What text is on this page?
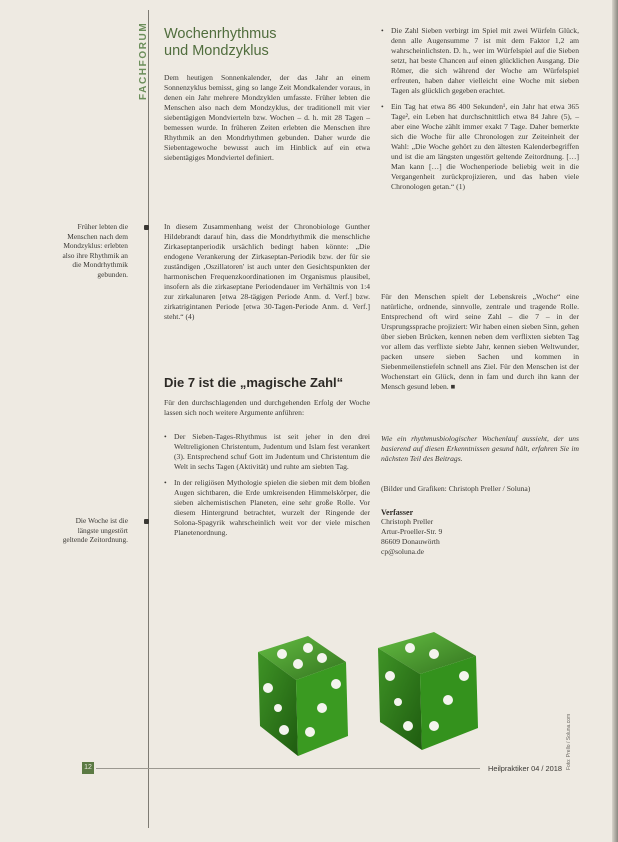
FACHFORUM Wochenrhythmus
und Mondzyklus
Dem heutigen Sonnenkalender, der das Jahr an einem Sonnenzyklus bemisst, ging so lange Zeit Mondkalender voraus, in denen ein Jahr mehrere Mondzyklen umfasste. Früher lebten die Menschen also nach dem Mondzyklus, der traditionell mit vier siebentägigen Mondvierteln bzw. Wochen – d. h. mit 28 Tagen – bemessen wurde. In früheren Zeiten erlebten die Menschen ihre Rhythmik an den Mondrhythmen gebunden. Daher wurde die Siebentagewoche bewusst auch im Hinblick auf ein etwa siebentägiges Mondviertel definiert.
In diesem Zusammenhang weist der Chronobiologe Gunther Hildebrandt darauf hin, dass die Mondrhythmik die menschliche Zirkaseptanperiodik ursächlich bedingt haben könnte: „Die endogene Verankerung der Zirkaseptan-Periodik bzw. der für sie zuständigen ‚Oszillatoren' ist auch unter den Gesichtspunkten der harmonischen Frequenzkoordinationen im Organismus plausibel, insofern als die zirkaseptane Periodendauer im Verhältnis von 1:4 zur zirkalunaren [etwa 28-tägigen Periode Anm. d. Verf.] bzw. zirkatrigintanen Periode [etwa 30-Tagen-Periode Anm. d. Verf.] steht.“ (4)
Die 7 ist die „magische Zahl“
Für den durchschlagenden und durchgehenden Erfolg der Woche lassen sich noch weitere Argumente anführen:
• Der Sieben-Tages-Rhythmus ist seit jeher in den drei Weltreligionen Christentum, Judentum und Islam fest verankert (3). Entsprechend schuf Gott im Judentum und Christentum die Welt in sechs Tagen (Aktivität) und ruhte am siebten Tag.
• In der religiösen Mythologie spielen die sieben mit dem bloßen Augen sichtbaren, die Erde umkreisenden Himmelskörper, die sieben alchemistischen Planeten, eine sehr große Rolle. Vor diesem Hintergrund betrachtet, wurzelt der Ringende der Solona-Spagyrik wahrscheinlich weit vor der viele mischen Planetenordnung.
Früher lebten die Menschen nach dem Mondzyklus: erlebten also ihre Rhythmik an die Mondrhythmik gebunden.
Die Woche ist die längste ungestört geltende Zeitordnung.
• Die Zahl Sieben verbirgt im Spiel mit zwei Würfeln Glück, denn alle Augensumme 7 ist mit dem Faktor 1,2 am wahrscheinlichsten. D. h., wer im Würfelspiel auf die Sieben setzt, hat beste Chancen auf einen glücklichen Ausgang. Die Römer, die sich während der Woche am Würfelspiel erfreuten, haben daher vielleicht eine Woche mit sieben Tagen als glücklich gegeben erachtet.
• Ein Tag hat etwa 86 400 Sekunden¹, ein Jahr hat etwa 365 Tage², ein Leben hat durchschnittlich etwa 84 Jahre (5), – aber eine Woche zählt immer exakt 7 Tage. Daher bemerkte sich die Woche für alle Chronologen zur Zeiteinheit der Wahl: „Die Woche gehört zu den ältesten Kalenderbegriffen und ist die am längsten ungestört geltende Zeitordnung. […] Man kann […] die Wochenperiode beliebig weit in die Vergangenheit zurückprojizieren, und das haben viele Chronologen getan.“ (1)
Für den Menschen spielt der Lebenskreis „Woche“ eine natürliche, ordnende, sinnvolle, zentrale und tragende Rolle. Entsprechend oft wird seine Zahl – die 7 – in der Ursprungssprache projiziert: Wir haben einen sieben Sinn, gehen über sieben Brücken, kennen neben dem verflixten siebten Tag vor allem das verflixte siebte Jahr, kennen sieben Weltwunder, packen unsere sieben Sachen und kommen in Siebenmeilenstiefeln schnell ans Ziel. Für den Menschen ist der Wochenstart ein Glück, denn in fam und durch ihn kann der Mensch gesund leben. ■
Wie ein rhythmusbiologischer Wochenlauf aussieht, der uns basierend auf diesen Erkenntnissen gesund hält, erfahren Sie im nächsten Teil des Beitrags.
(Bilder und Grafiken: Christoph Preller / Soluna)
Verfasser
Christoph Preller
Artur-Proeller-Str. 9
86609 Donauwörth
cp@soluna.de
Foto: Prello / Soluna.com
12	Heilpraktiker 04 / 2018
